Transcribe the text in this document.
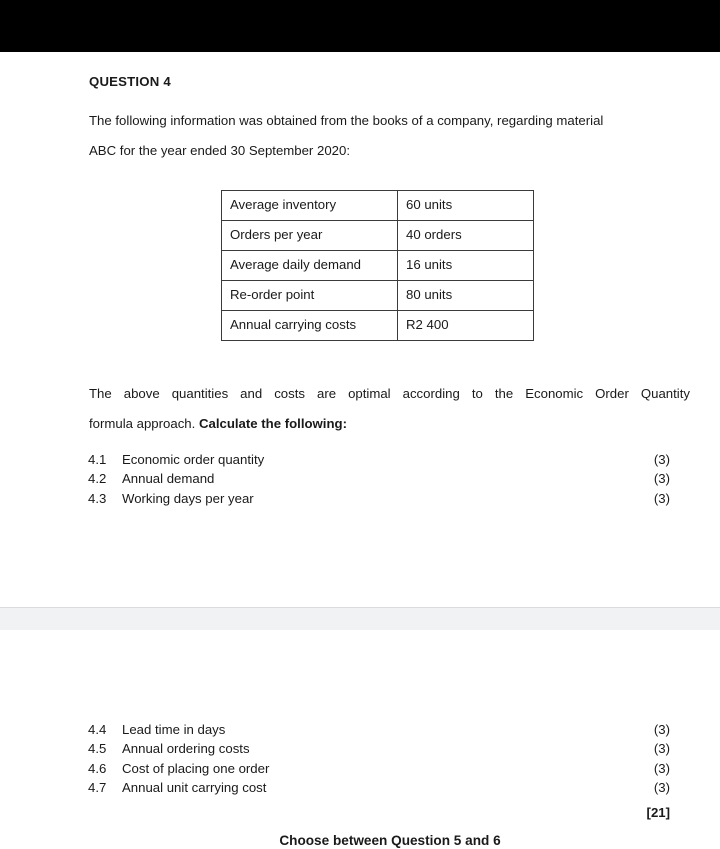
QUESTION 4
The following information was obtained from the books of a company, regarding material
ABC for the year ended 30 September 2020:
Average inventory	60 units
Orders per year	40 orders
Average daily demand	16 units
Re-order point	80 units
Annual carrying costs	R2 400
The above quantities and costs are optimal according to the Economic Order Quantity
formula approach. Calculate the following:
4.1	Economic order quantity	(3)
4.2	Annual demand	(3)
4.3	Working days per year	(3)
4.4	Lead time in days	(3)
4.5	Annual ordering costs	(3)
4.6	Cost of placing one order	(3)
4.7	Annual unit carrying cost	(3)
[21]
Choose between Question 5 and 6
